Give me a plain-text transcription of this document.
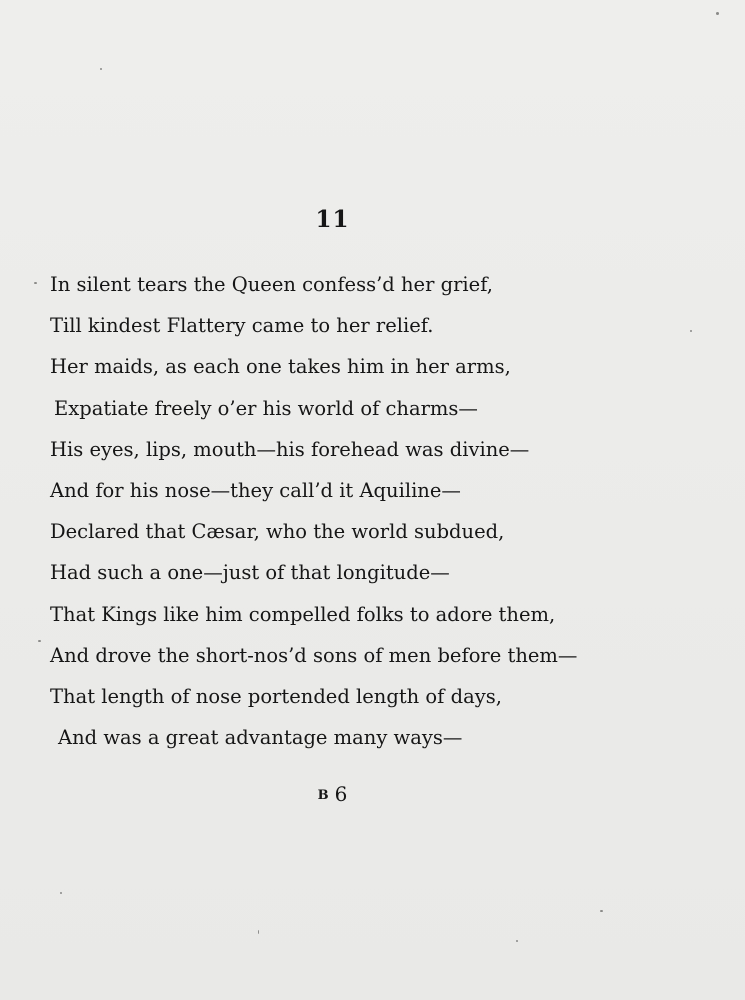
11
In silent tears the Queen confess’d her grief,
Till kindest Flattery came to her relief.
Her maids, as each one takes him in her arms,
Expatiate freely o’er his world of charms—
His eyes, lips, mouth—his forehead was divine—
And for his nose—they call’d it Aquiline—
Declared that Cæsar, who the world subdued,
Had such a one—just of that longitude—
That Kings like him compelled folks to adore them,
And drove the short-nos’d sons of men before them—
That length of nose portended length of days,
And was a great advantage many ways—
B 6
